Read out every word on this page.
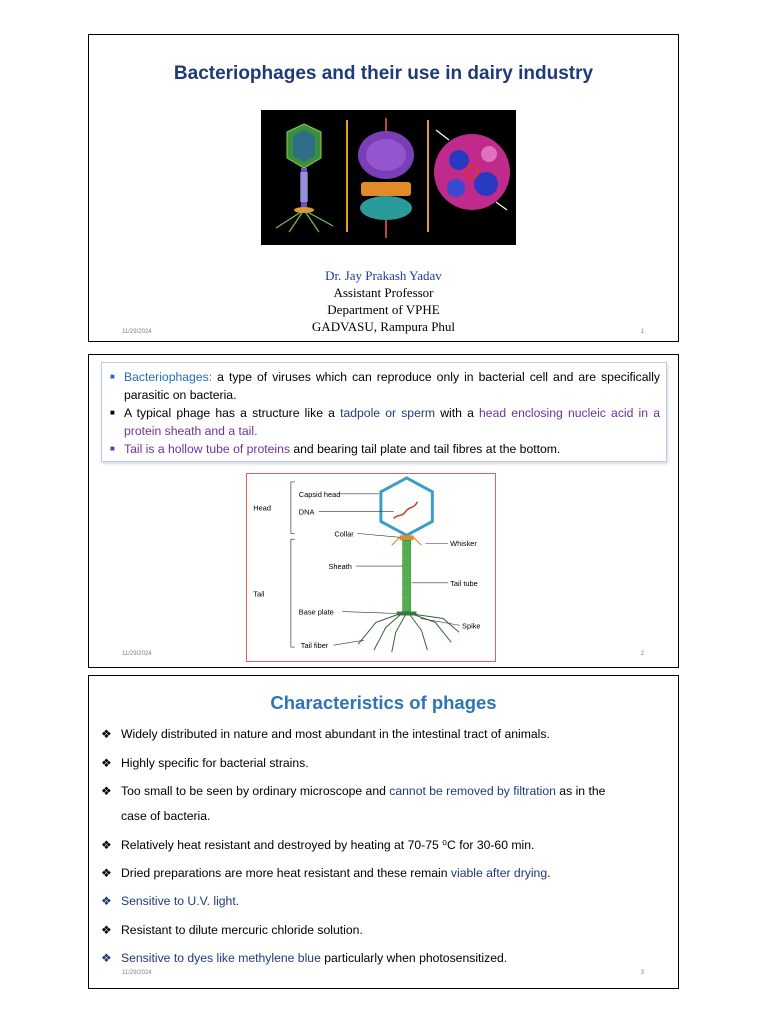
Bacteriophages and their use in dairy industry
Dr. Jay Prakash Yadav
Assistant Professor
Department of VPHE
GADVASU, Rampura Phul
11/29/2024	1
■ Bacteriophages: a type of viruses which can reproduce only in bacterial cell and are specifically parasitic on bacteria.
■ A typical phage has a structure like a tadpole or sperm with a head enclosing nucleic acid in a protein sheath and a tail.
■ Tail is a hollow tube of proteins and bearing tail plate and tail fibres at the bottom.
Head
Tail
Capsid head
DNA
Collar
Whisker
Sheath
Tail tube
Base plate
Spike
Tail fiber
11/29/2024	2
Characteristics of phages
❖ Widely distributed in nature and most abundant in the intestinal tract of animals.
❖ Highly specific for bacterial strains.
❖ Too small to be seen by ordinary microscope and cannot be removed by filtration as in the
case of bacteria.
❖ Relatively heat resistant and destroyed by heating at 70-75 ⁰C for 30-60 min.
❖ Dried preparations are more heat resistant and these remain viable after drying.
❖ Sensitive to U.V. light.
❖ Resistant to dilute mercuric chloride solution.
❖ Sensitive to dyes like methylene blue particularly when photosensitized.
11/29/2024	3
